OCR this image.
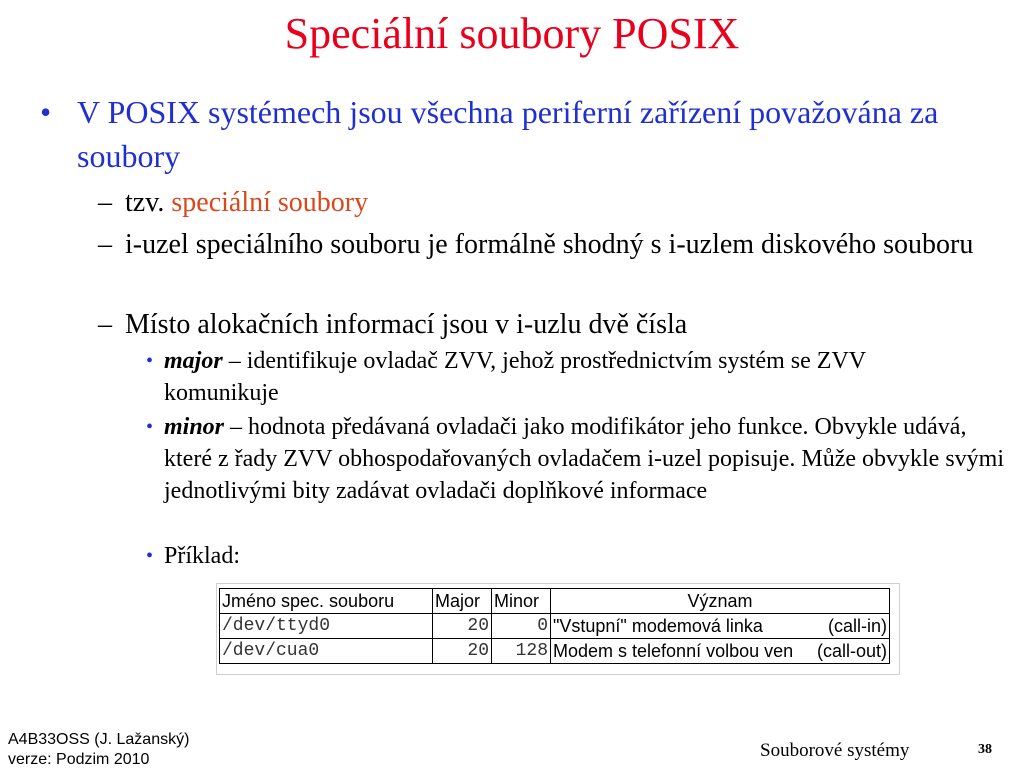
Speciální soubory POSIX
• V POSIX systémech jsou všechna periferní zařízení považována za soubory
– tzv. speciální soubory
– i-uzel speciálního souboru je formálně shodný s i-uzlem diskového souboru
– Místo alokačních informací jsou v i-uzlu dvě čísla
• major – identifikuje ovladač ZVV, jehož prostřednictvím systém se ZVV komunikuje
• minor – hodnota předávaná ovladači jako modifikátor jeho funkce. Obvykle udává, které z řady ZVV obhospodařovaných ovladačem i-uzel popisuje. Může obvykle svými jednotlivými bity zadávat ovladači doplňkové informace
• Příklad:
Jméno spec. souboru	Major	Minor	Význam
/dev/ttyd0	20	0	"Vstupní" modemová linka (call-in)

/dev/cua0	20	128	Modem s telefonní volbou ven (call-out)
A4B33OSS (J. Lažanský)
verze: Podzim 2010	Souborové systémy	38
